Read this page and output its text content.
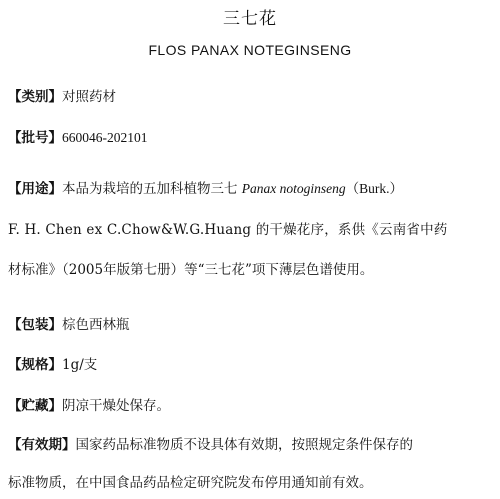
三七花
FLOS PANAX NOTEGINSENG
【类别】对照药材
【批号】660046-202101
【用途】本品为栽培的五加科植物三七 Panax notoginseng（Burk.）
F. H. Chen ex C.Chow&W.G.Huang 的干燥花序，系供《云南省中药
材标准》（2005年版第七册）等“三七花”项下薄层色谱使用。
【包装】棕色西林瓶
【规格】1g/支
【贮藏】阴凉干燥处保存。
【有效期】国家药品标准物质不设具体有效期，按照规定条件保存的
标准物质，在中国食品药品检定研究院发布停用通知前有效。
